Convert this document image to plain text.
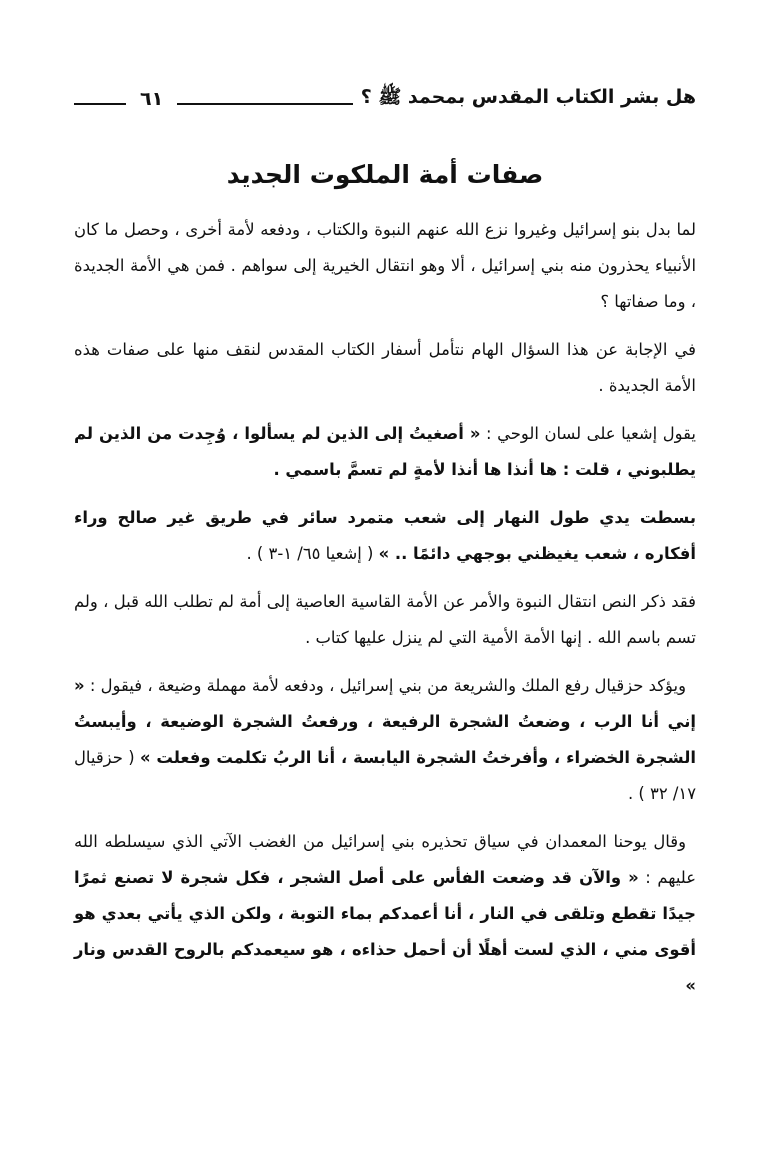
هل بشر الكتاب المقدس بمحمد ﷺ ؟
٦١
صفات أمة الملكوت الجديد

لما بدل بنو إسرائيل وغيروا نزع الله عنهم النبوة والكتاب ، ودفعه لأمة أخرى ، وحصل ما كان الأنبياء يحذرون منه بني إسرائيل ، ألا وهو انتقال الخيرية إلى سواهم . فمن هي الأمة الجديدة ، وما صفاتها ؟

في الإجابة عن هذا السؤال الهام نتأمل أسفار الكتاب المقدس لنقف منها على صفات هذه الأمة الجديدة .

يقول إشعيا على لسان الوحي : « أصغيتُ إلى الذين لم يسألوا ، وُجِدت من الذين لم يطلبوني ، قلت : ها أنذا ها أنذا لأمةٍ لم تسمَّ باسمي .

بسطت يدي طول النهار إلى شعب متمرد سائر في طريق غير صالح وراء أفكاره ، شعب يغيظني بوجهي دائمًا .. » ( إشعيا ٦٥/ ١-٣ ) .

فقد ذكر النص انتقال النبوة والأمر عن الأمة القاسية العاصية إلى أمة لم تطلب الله قبل ، ولم تسم باسم الله . إنها الأمة الأمية التي لم ينزل عليها كتاب .

ويؤكد حزقيال رفع الملك والشريعة من بني إسرائيل ، ودفعه لأمة مهملة وضيعة ، فيقول : « إني أنا الرب ، وضعتُ الشجرة الرفيعة ، ورفعتُ الشجرة الوضيعة ، وأيبستُ الشجرة الخضراء ، وأفرختُ الشجرة اليابسة ، أنا الربُ تكلمت وفعلت » ( حزقيال ١٧/ ٣٢ ) .

وقال يوحنا المعمدان في سياق تحذيره بني إسرائيل من الغضب الآتي الذي سيسلطه الله عليهم : « والآن قد وضعت الفأس على أصل الشجر ، فكل شجرة لا تصنع ثمرًا جيدًا تقطع وتلقى في النار ، أنا أعمدكم بماء التوبة ، ولكن الذي يأتي بعدي هو أقوى مني ، الذي لست أهلًا أن أحمل حذاءه ، هو سيعمدكم بالروح القدس ونار »
